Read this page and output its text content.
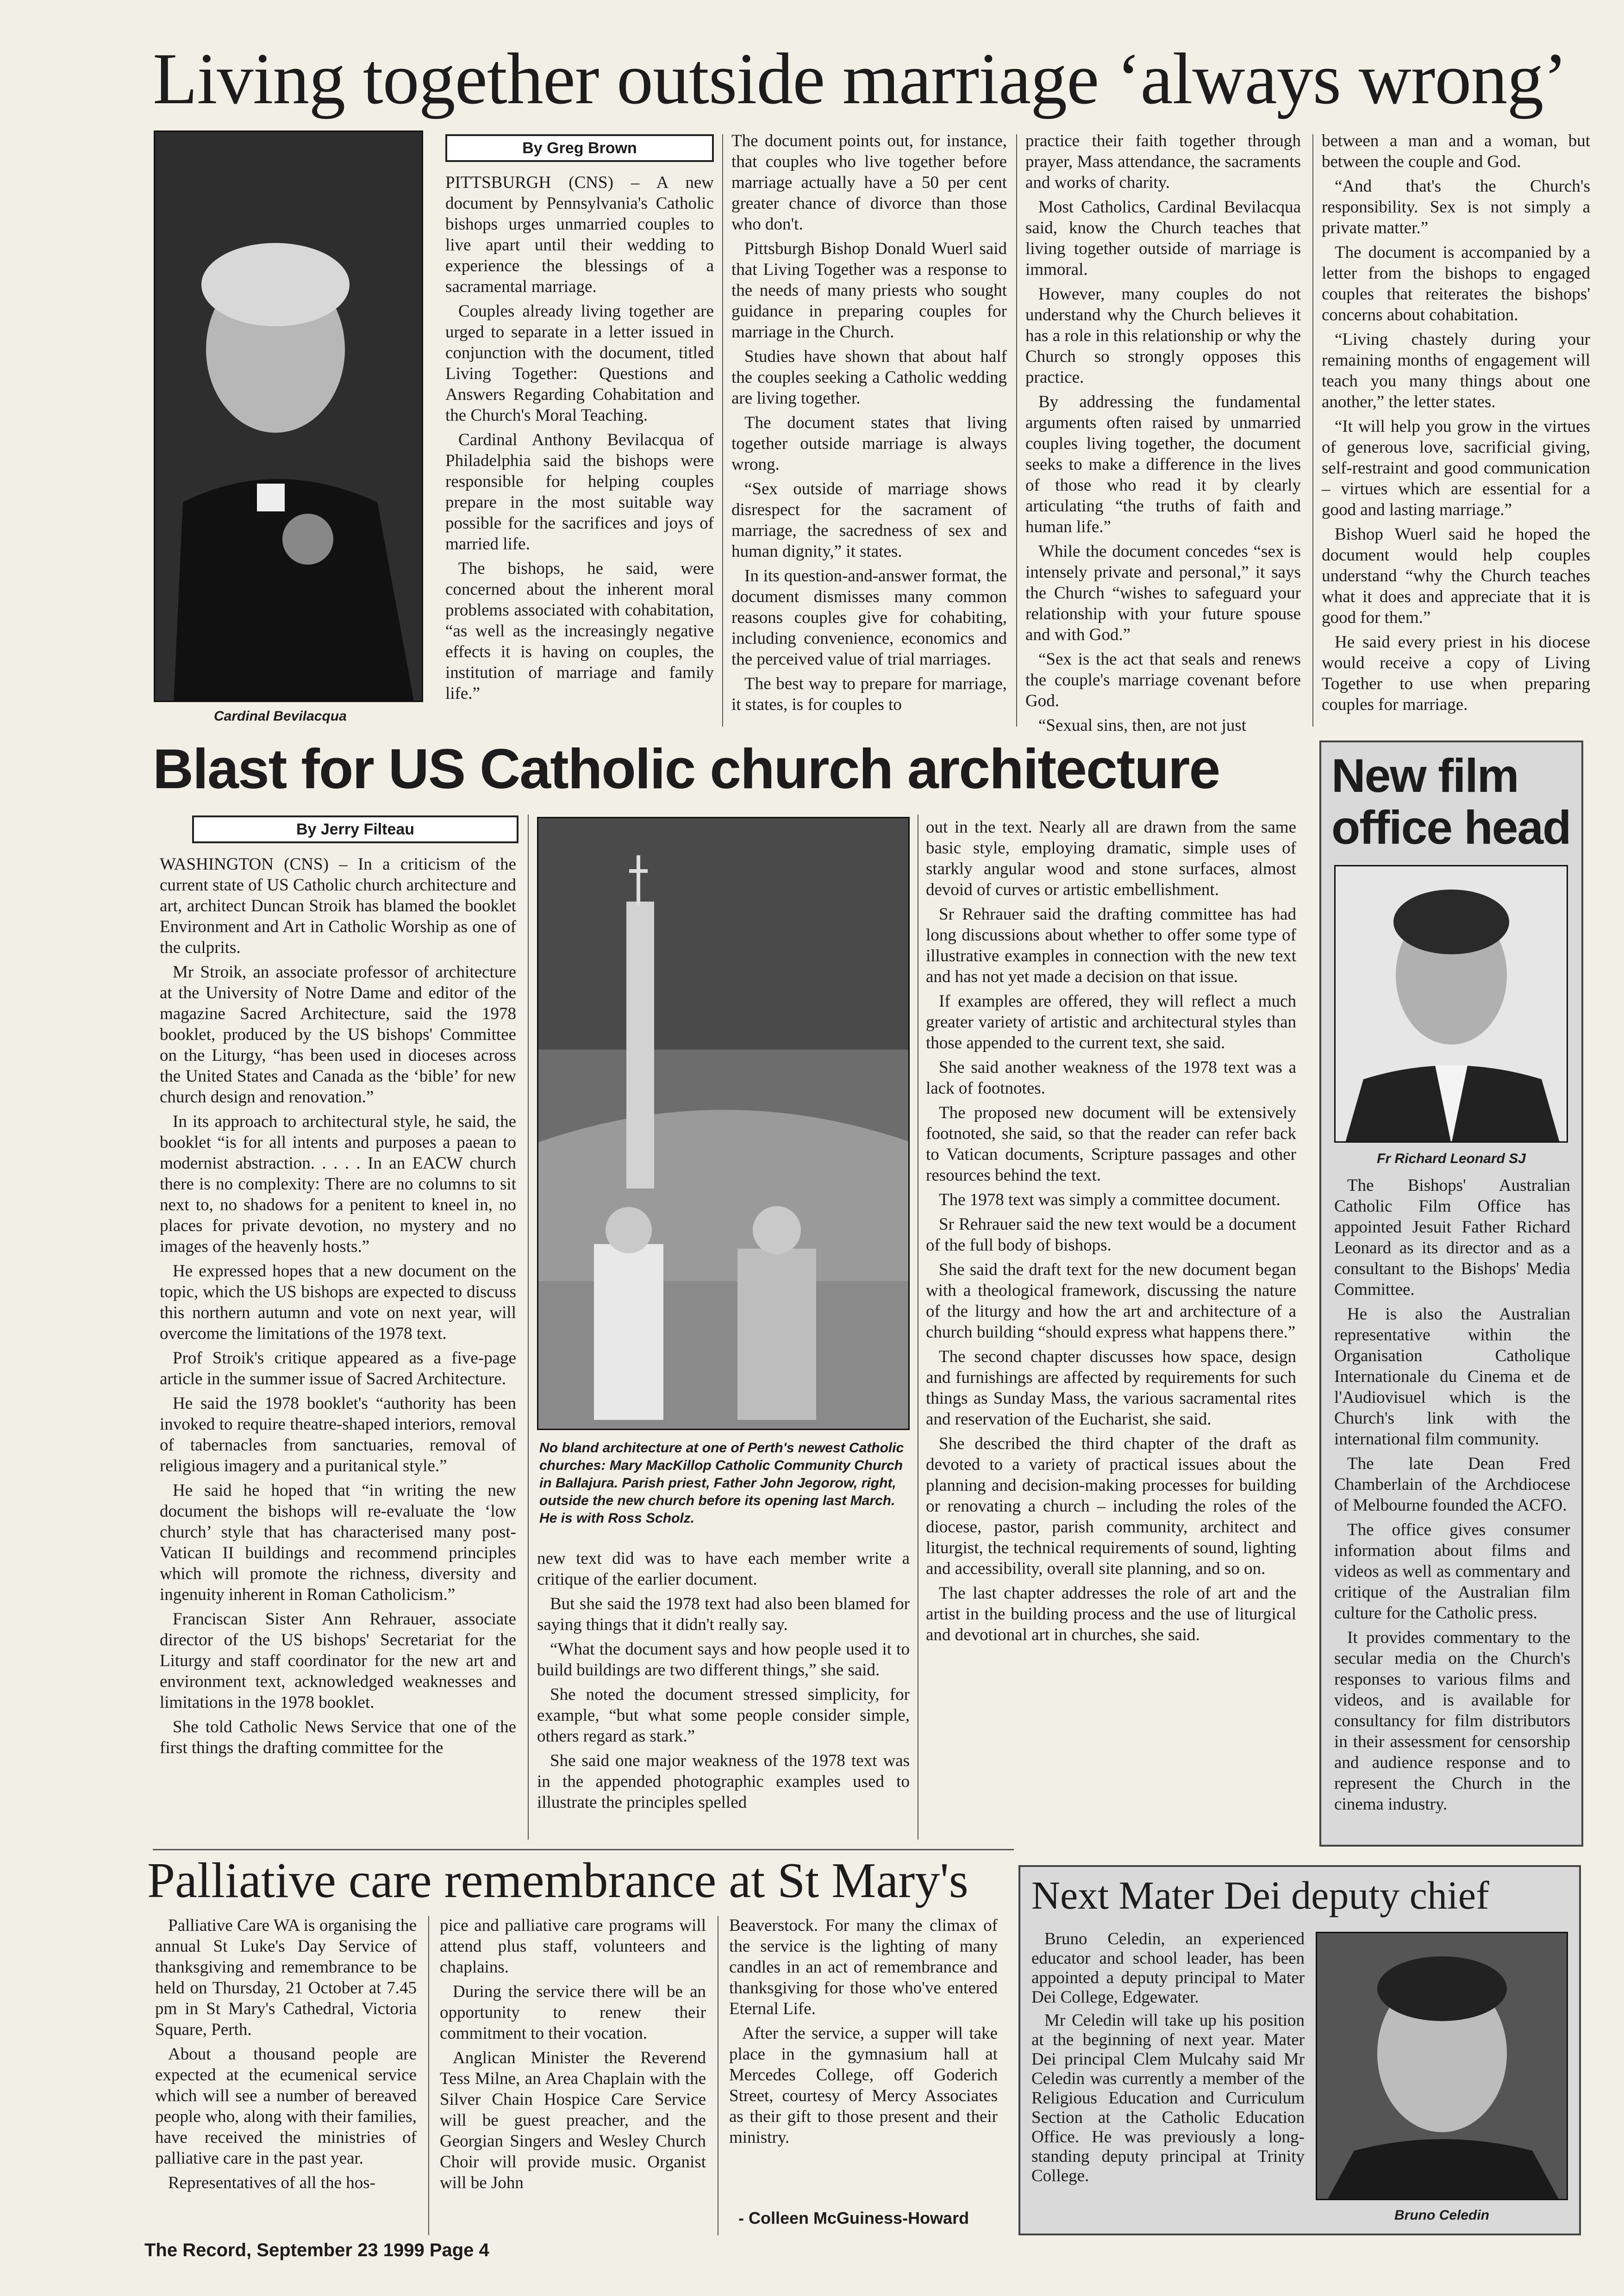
Living together outside marriage ‘always wrong’
Cardinal Bevilacqua
By Greg Brown

PITTSBURGH (CNS) – A new document by Pennsylvania's Catholic bishops urges unmarried couples to live apart until their wedding to experience the blessings of a sacramental marriage.

Couples already living together are urged to separate in a letter issued in conjunction with the document, titled Living Together: Questions and Answers Regarding Cohabitation and the Church's Moral Teaching.

Cardinal Anthony Bevilacqua of Philadelphia said the bishops were responsible for helping couples prepare in the most suitable way possible for the sacrifices and joys of married life.

The bishops, he said, were concerned about the inherent moral problems associated with cohabitation, “as well as the increasingly negative effects it is having on couples, the institution of marriage and family life.”

The document points out, for instance, that couples who live together before marriage actually have a 50 per cent greater chance of divorce than those who don't.

Pittsburgh Bishop Donald Wuerl said that Living Together was a response to the needs of many priests who sought guidance in preparing couples for marriage in the Church.

Studies have shown that about half the couples seeking a Catholic wedding are living together.

The document states that living together outside marriage is always wrong.

“Sex outside of marriage shows disrespect for the sacrament of marriage, the sacredness of sex and human dignity,” it states.

In its question-and-answer format, the document dismisses many common reasons couples give for cohabiting, including convenience, economics and the perceived value of trial marriages.

The best way to prepare for marriage, it states, is for couples to

practice their faith together through prayer, Mass attendance, the sacraments and works of charity.

Most Catholics, Cardinal Bevilacqua said, know the Church teaches that living together outside of marriage is immoral.

However, many couples do not understand why the Church believes it has a role in this relationship or why the Church so strongly opposes this practice.

By addressing the fundamental arguments often raised by unmarried couples living together, the document seeks to make a difference in the lives of those who read it by clearly articulating “the truths of faith and human life.”

While the document concedes “sex is intensely private and personal,” it says the Church “wishes to safeguard your relationship with your future spouse and with God.”

“Sex is the act that seals and renews the couple's marriage covenant before God.

“Sexual sins, then, are not just

between a man and a woman, but between the couple and God.

“And that's the Church's responsibility. Sex is not simply a private matter.”

The document is accompanied by a letter from the bishops to engaged couples that reiterates the bishops' concerns about cohabitation.

“Living chastely during your remaining months of engagement will teach you many things about one another,” the letter states.

“It will help you grow in the virtues of generous love, sacrificial giving, self-restraint and good communication – virtues which are essential for a good and lasting marriage.”

Bishop Wuerl said he hoped the document would help couples understand “why the Church teaches what it does and appreciate that it is good for them.”

He said every priest in his diocese would receive a copy of Living Together to use when preparing couples for marriage.

Blast for US Catholic church architecture
By Jerry Filteau

WASHINGTON (CNS) – In a criticism of the current state of US Catholic church architecture and art, architect Duncan Stroik has blamed the booklet Environment and Art in Catholic Worship as one of the culprits.

Mr Stroik, an associate professor of architecture at the University of Notre Dame and editor of the magazine Sacred Architecture, said the 1978 booklet, produced by the US bishops' Committee on the Liturgy, “has been used in dioceses across the United States and Canada as the ‘bible’ for new church design and renovation.”

In its approach to architectural style, he said, the booklet “is for all intents and purposes a paean to modernist abstraction. . . . . In an EACW church there is no complexity: There are no columns to sit next to, no shadows for a penitent to kneel in, no places for private devotion, no mystery and no images of the heavenly hosts.”

He expressed hopes that a new document on the topic, which the US bishops are expected to discuss this northern autumn and vote on next year, will overcome the limitations of the 1978 text.

Prof Stroik's critique appeared as a five-page article in the summer issue of Sacred Architecture.

He said the 1978 booklet's “authority has been invoked to require theatre-shaped interiors, removal of tabernacles from sanctuaries, removal of religious imagery and a puritanical style.”

He said he hoped that “in writing the new document the bishops will re-evaluate the ‘low church’ style that has characterised many post-Vatican II buildings and recommend principles which will promote the richness, diversity and ingenuity inherent in Roman Catholicism.”

Franciscan Sister Ann Rehrauer, associate director of the US bishops' Secretariat for the Liturgy and staff coordinator for the new art and environment text, acknowledged weaknesses and limitations in the 1978 booklet.

She told Catholic News Service that one of the first things the drafting committee for the

No bland architecture at one of Perth's newest Catholic churches: Mary MacKillop Catholic Community Church in Ballajura. Parish priest, Father John Jegorow, right, outside the new church before its opening last March. He is with Ross Scholz.

new text did was to have each member write a critique of the earlier document.

But she said the 1978 text had also been blamed for saying things that it didn't really say.

“What the document says and how people used it to build buildings are two different things,” she said.

She noted the document stressed simplicity, for example, “but what some people consider simple, others regard as stark.”

She said one major weakness of the 1978 text was in the appended photographic examples used to illustrate the principles spelled

out in the text. Nearly all are drawn from the same basic style, employing dramatic, simple uses of starkly angular wood and stone surfaces, almost devoid of curves or artistic embellishment.

Sr Rehrauer said the drafting committee has had long discussions about whether to offer some type of illustrative examples in connection with the new text and has not yet made a decision on that issue.

If examples are offered, they will reflect a much greater variety of artistic and architectural styles than those appended to the current text, she said.

She said another weakness of the 1978 text was a lack of footnotes.

The proposed new document will be extensively footnoted, she said, so that the reader can refer back to Vatican documents, Scripture passages and other resources behind the text.

The 1978 text was simply a committee document.

Sr Rehrauer said the new text would be a document of the full body of bishops.

She said the draft text for the new document began with a theological framework, discussing the nature of the liturgy and how the art and architecture of a church building “should express what happens there.”

The second chapter discusses how space, design and furnishings are affected by requirements for such things as Sunday Mass, the various sacramental rites and reservation of the Eucharist, she said.

She described the third chapter of the draft as devoted to a variety of practical issues about the planning and decision-making processes for building or renovating a church – including the roles of the diocese, pastor, parish community, architect and liturgist, the technical requirements of sound, lighting and accessibility, overall site planning, and so on.

The last chapter addresses the role of art and the artist in the building process and the use of liturgical and devotional art in churches, she said.

New film office head
Fr Richard Leonard SJ

The Bishops' Australian Catholic Film Office has appointed Jesuit Father Richard Leonard as its director and as a consultant to the Bishops' Media Committee.

He is also the Australian representative within the Organisation Catholique Internationale du Cinema et de l'Audiovisuel which is the Church's link with the international film community.

The late Dean Fred Chamberlain of the Archdiocese of Melbourne founded the ACFO.

The office gives consumer information about films and videos as well as commentary and critique of the Australian film culture for the Catholic press.

It provides commentary to the secular media on the Church's responses to various films and videos, and is available for consultancy for film distributors in their assessment for censorship and audience response and to represent the Church in the cinema industry.

Palliative care remembrance at St Mary's

Palliative Care WA is organising the annual St Luke's Day Service of thanksgiving and remembrance to be held on Thursday, 21 October at 7.45 pm in St Mary's Cathedral, Victoria Square, Perth.

About a thousand people are expected at the ecumenical service which will see a number of bereaved people who, along with their families, have received the ministries of palliative care in the past year.

Representatives of all the hos-

pice and palliative care programs will attend plus staff, volunteers and chaplains.

During the service there will be an opportunity to renew their commitment to their vocation.

Anglican Minister the Reverend Tess Milne, an Area Chaplain with the Silver Chain Hospice Care Service will be guest preacher, and the Georgian Singers and Wesley Church Choir will provide music. Organist will be John

Beaverstock. For many the climax of the service is the lighting of many candles in an act of remembrance and thanksgiving for those who've entered Eternal Life.

After the service, a supper will take place in the gymnasium hall at Mercedes College, off Goderich Street, courtesy of Mercy Associates as their gift to those present and their ministry.

- Colleen McGuiness-Howard
Next Mater Dei deputy chief

Bruno Celedin, an experienced educator and school leader, has been appointed a deputy principal to Mater Dei College, Edgewater.

Mr Celedin will take up his position at the beginning of next year. Mater Dei principal Clem Mulcahy said Mr Celedin was currently a member of the Religious Education and Curriculum Section at the Catholic Education Office. He was previously a long-standing deputy principal at Trinity College.

Bruno Celedin
The Record, September 23 1999 Page 4
